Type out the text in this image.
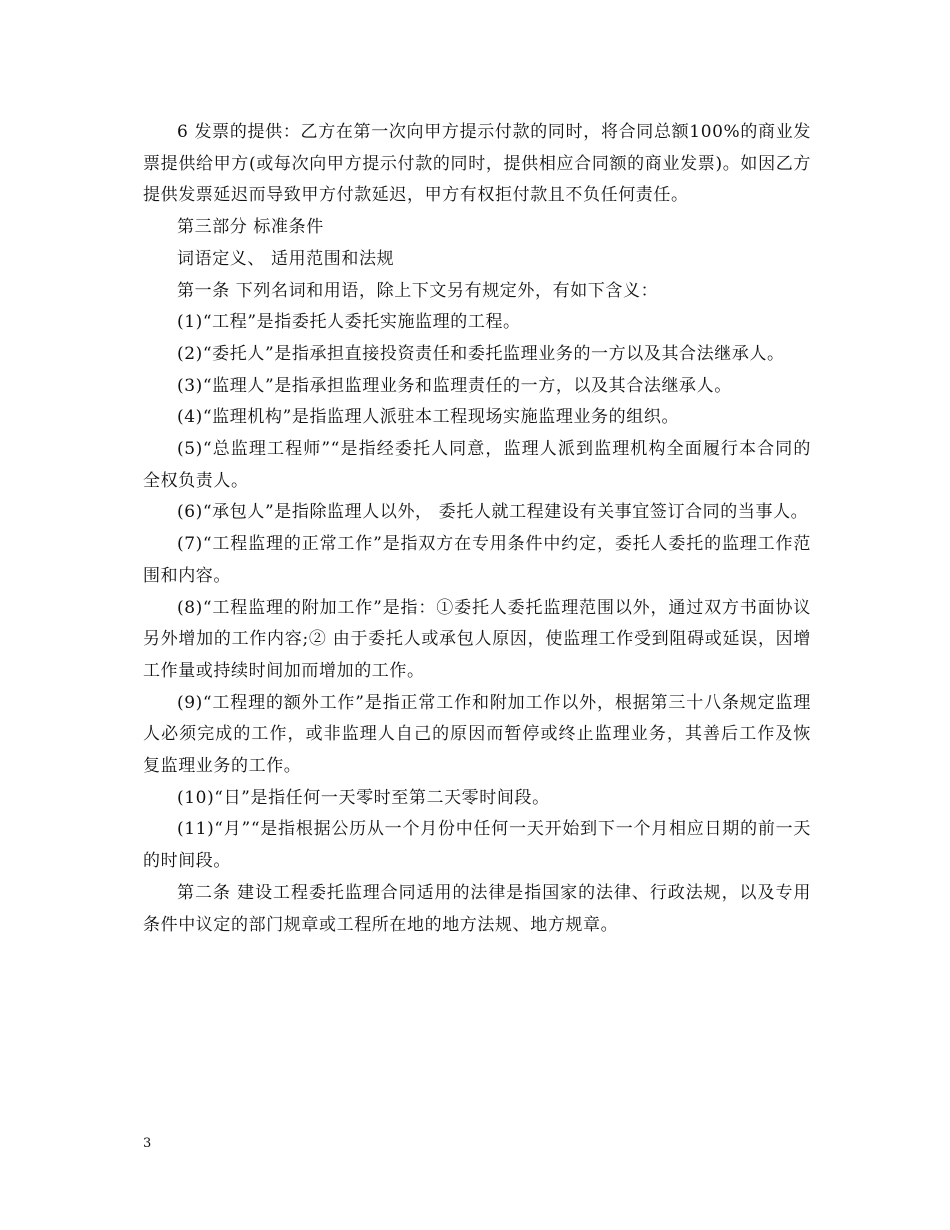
6 发票的提供：乙方在第一次向甲方提示付款的同时，将合同总额100%的商业发票提供给甲方(或每次向甲方提示付款的同时，提供相应合同额的商业发票)。如因乙方提供发票延迟而导致甲方付款延迟，甲方有权拒付款且不负任何责任。

第三部分 标准条件

词语定义、 适用范围和法规

第一条 下列名词和用语，除上下文另有规定外，有如下含义：

(1)“工程”是指委托人委托实施监理的工程。

(2)“委托人”是指承担直接投资责任和委托监理业务的一方以及其合法继承人。

(3)“监理人”是指承担监理业务和监理责任的一方，以及其合法继承人。

(4)“监理机构”是指监理人派驻本工程现场实施监理业务的组织。

(5)“总监理工程师”“是指经委托人同意，监理人派到监理机构全面履行本合同的全权负责人。

(6)“承包人”是指除监理人以外， 委托人就工程建设有关事宜签订合同的当事人。

(7)“工程监理的正常工作”是指双方在专用条件中约定，委托人委托的监理工作范围和内容。

(8)“工程监理的附加工作”是指：①委托人委托监理范围以外，通过双方书面协议另外增加的工作内容;② 由于委托人或承包人原因，使监理工作受到阻碍或延误，因增工作量或持续时间加而增加的工作。

(9)“工程理的额外工作”是指正常工作和附加工作以外，根据第三十八条规定监理人必须完成的工作，或非监理人自己的原因而暂停或终止监理业务，其善后工作及恢复监理业务的工作。

(10)“日”是指任何一天零时至第二天零时间段。

(11)“月”“是指根据公历从一个月份中任何一天开始到下一个月相应日期的前一天的时间段。

第二条 建设工程委托监理合同适用的法律是指国家的法律、行政法规，以及专用条件中议定的部门规章或工程所在地的地方法规、地方规章。

3
